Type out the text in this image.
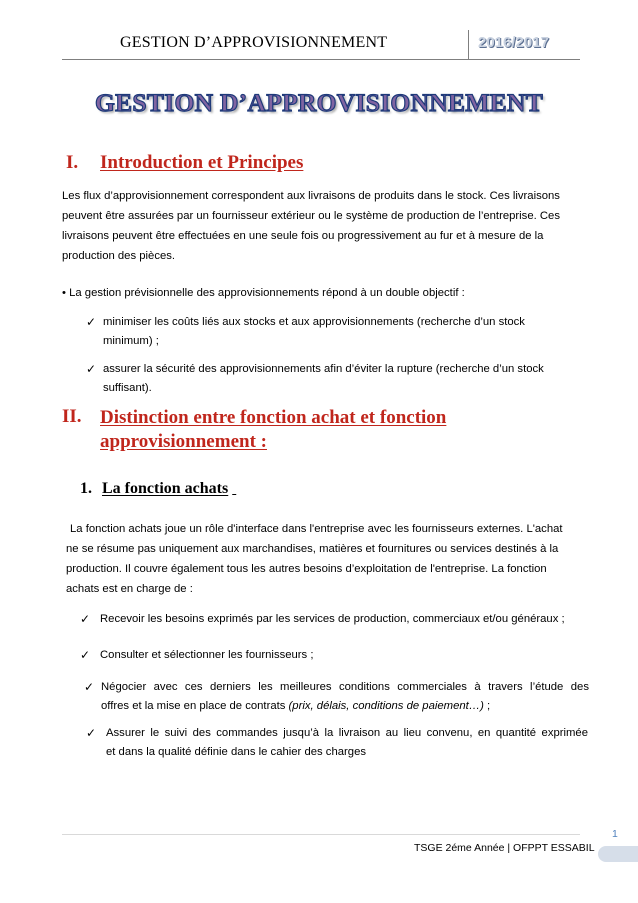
GESTION D’APPROVISIONNEMENT	2016/2017
GESTION D’APPROVISIONNEMENT
I. Introduction et Principes
Les flux d’approvisionnement correspondent aux livraisons de produits dans le stock. Ces livraisons
peuvent être assurées par un fournisseur extérieur ou le système de production de l’entreprise. Ces
livraisons peuvent être effectuées en une seule fois ou progressivement au fur et à mesure de la
production des pièces.
• La gestion prévisionnelle des approvisionnements répond à un double objectif :
✓ minimiser les coûts liés aux stocks et aux approvisionnements (recherche d’un stock
minimum) ;
✓ assurer la sécurité des approvisionnements afin d’éviter la rupture (recherche d’un stock
suffisant).
II. Distinction entre fonction achat et fonction
approvisionnement :
1. La fonction achats
La fonction achats joue un rôle d'interface dans l'entreprise avec les fournisseurs externes. L'achat
ne se résume pas uniquement aux marchandises, matières et fournitures ou services destinés à la
production. Il couvre également tous les autres besoins d’exploitation de l'entreprise. La fonction
achats est en charge de :
✓ Recevoir les besoins exprimés par les services de production, commerciaux et/ou généraux ;
✓ Consulter et sélectionner les fournisseurs ;
✓ Négocier avec ces derniers les meilleures conditions commerciales à travers l’étude des
offres et la mise en place de contrats (prix, délais, conditions de paiement…) ;
✓ Assurer le suivi des commandes jusqu’à la livraison au lieu convenu, en quantité exprimée
et dans la qualité définie dans le cahier des charges
1
TSGE 2éme Année | OFPPT ESSABIL
